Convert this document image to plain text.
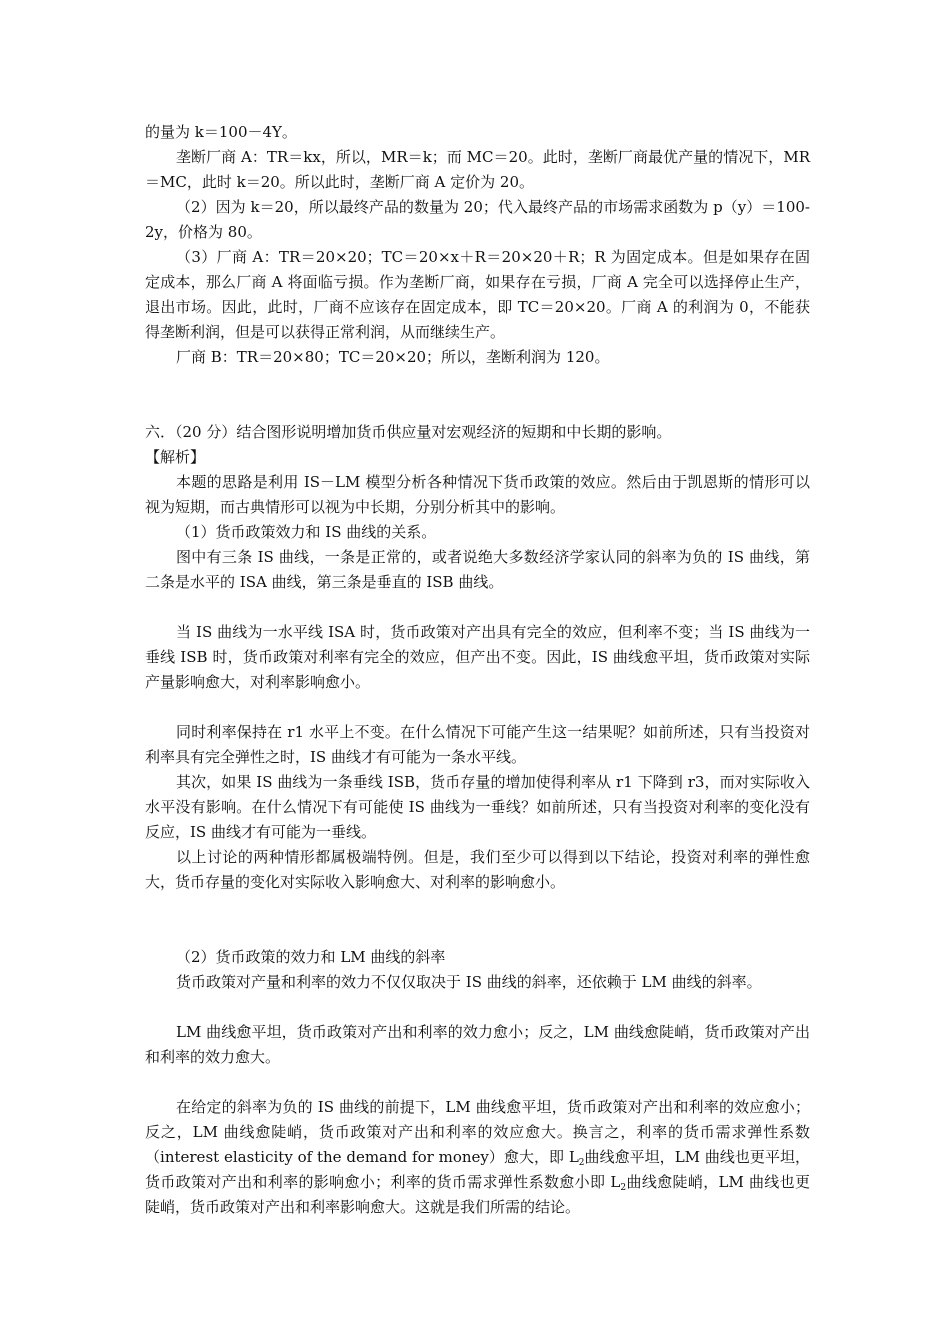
的量为 k＝100－4Y。

垄断厂商 A：TR＝kx，所以，MR＝k；而 MC＝20。此时，垄断厂商最优产量的情况下，MR＝MC，此时 k＝20。所以此时，垄断厂商 A 定价为 20。

（2）因为 k＝20，所以最终产品的数量为 20；代入最终产品的市场需求函数为 p（y）＝100-2y，价格为 80。

（3）厂商 A：TR＝20×20；TC＝20×x＋R＝20×20＋R；R 为固定成本。但是如果存在固定成本，那么厂商 A 将面临亏损。作为垄断厂商，如果存在亏损，厂商 A 完全可以选择停止生产，退出市场。因此，此时，厂商不应该存在固定成本，即 TC＝20×20。厂商 A 的利润为 0，不能获得垄断利润，但是可以获得正常利润，从而继续生产。

厂商 B：TR＝20×80；TC＝20×20；所以，垄断利润为 120。

六．（20 分）结合图形说明增加货币供应量对宏观经济的短期和中长期的影响。

【解析】

本题的思路是利用 IS－LM 模型分析各种情况下货币政策的效应。然后由于凯恩斯的情形可以视为短期，而古典情形可以视为中长期，分别分析其中的影响。

（1）货币政策效力和 IS 曲线的关系。

图中有三条 IS 曲线，一条是正常的，或者说绝大多数经济学家认同的斜率为负的 IS 曲线，第二条是水平的 ISA 曲线，第三条是垂直的 ISB 曲线。

当 IS 曲线为一水平线 ISA 时，货币政策对产出具有完全的效应，但利率不变；当 IS 曲线为一垂线 ISB 时，货币政策对利率有完全的效应，但产出不变。因此，IS 曲线愈平坦，货币政策对实际产量影响愈大，对利率影响愈小。

同时利率保持在 r1 水平上不变。在什么情况下可能产生这一结果呢？如前所述，只有当投资对利率具有完全弹性之时，IS 曲线才有可能为一条水平线。

其次，如果 IS 曲线为一条垂线 ISB，货币存量的增加使得利率从 r1 下降到 r3，而对实际收入水平没有影响。在什么情况下有可能使 IS 曲线为一垂线？如前所述，只有当投资对利率的变化没有反应，IS 曲线才有可能为一垂线。

以上讨论的两种情形都属极端特例。但是，我们至少可以得到以下结论，投资对利率的弹性愈大，货币存量的变化对实际收入影响愈大、对利率的影响愈小。

（2）货币政策的效力和 LM 曲线的斜率

货币政策对产量和利率的效力不仅仅取决于 IS 曲线的斜率，还依赖于 LM 曲线的斜率。

LM 曲线愈平坦，货币政策对产出和利率的效力愈小；反之，LM 曲线愈陡峭，货币政策对产出和利率的效力愈大。

在给定的斜率为负的 IS 曲线的前提下，LM 曲线愈平坦，货币政策对产出和利率的效应愈小；反之，LM 曲线愈陡峭，货币政策对产出和利率的效应愈大。换言之，利率的货币需求弹性系数（interest elasticity of the demand for money）愈大，即 $L_2$曲线愈平坦，LM 曲线也更平坦，货币政策对产出和利率的影响愈小；利率的货币需求弹性系数愈小即 $L_2$曲线愈陡峭，LM 曲线也更陡峭，货币政策对产出和利率影响愈大。这就是我们所需的结论。
